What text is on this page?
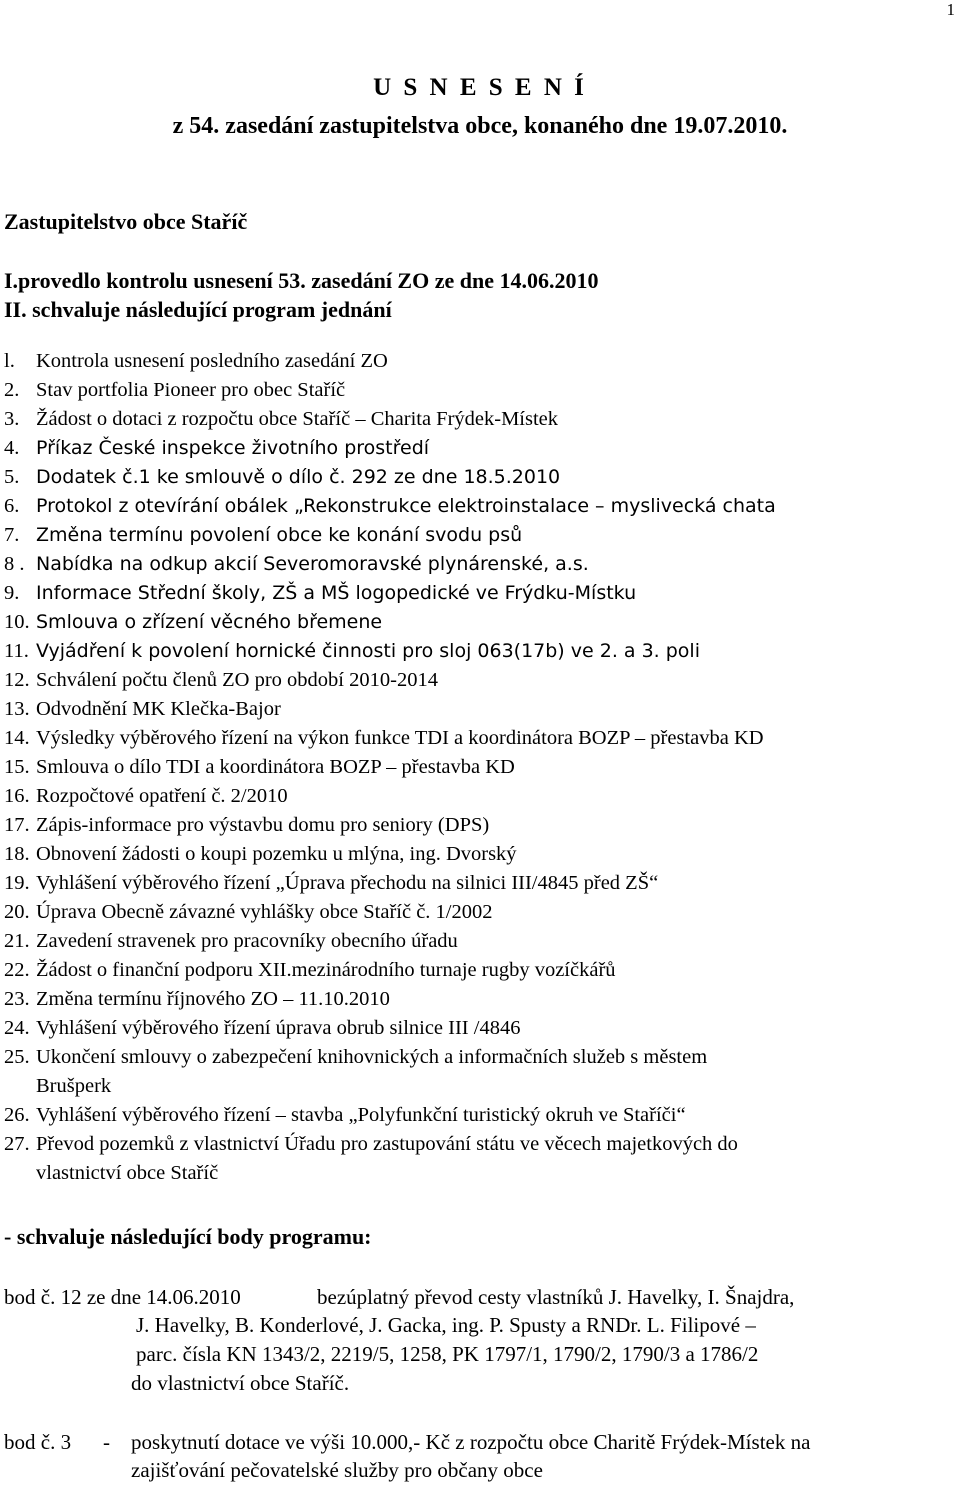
1
U S N E S E N Í
z 54. zasedání zastupitelstva obce, konaného dne 19.07.2010.
Zastupitelstvo obce Staříč
I.provedlo kontrolu usnesení 53. zasedání ZO ze dne 14.06.2010
II. schvaluje následující program jednání
l.	Kontrola usnesení posledního zasedání ZO
2. Stav portfolia Pioneer pro obec Staříč
3. Žádost o dotaci z rozpočtu obce Staříč – Charita Frýdek-Místek
4. Příkaz České inspekce životního prostředí
5. Dodatek č.1 ke smlouvě o dílo č. 292 ze dne 18.5.2010
6. Protokol z otevírání obálek „Rekonstrukce elektroinstalace – myslivecká chata
7. Změna termínu povolení obce ke konání svodu psů
8 . Nabídka na odkup akcií Severomoravské plynárenské, a.s.
9. Informace Střední školy, ZŠ a MŠ logopedické ve Frýdku-Místku
10. Smlouva o zřízení věcného břemene
11. Vyjádření k povolení hornické činnosti pro sloj 063(17b) ve 2. a 3. poli
12. Schválení počtu členů ZO pro období 2010-2014
13. Odvodnění MK Klečka-Bajor
14. Výsledky výběrového řízení na výkon funkce TDI a koordinátora BOZP – přestavba KD
15. Smlouva o dílo TDI a koordinátora BOZP – přestavba KD
16. Rozpočtové opatření č. 2/2010
17. Zápis-informace pro výstavbu domu pro seniory (DPS)
18. Obnovení žádosti o koupi pozemku u mlýna, ing. Dvorský
19. Vyhlášení výběrového řízení „Úprava přechodu na silnici III/4845 před ZŠ“
20. Úprava Obecně závazné vyhlášky obce Staříč č. 1/2002
21. Zavedení stravenek pro pracovníky obecního úřadu
22. Žádost o finanční podporu XII.mezinárodního turnaje rugby vozíčkářů
23. Změna termínu říjnového ZO – 11.10.2010
24. Vyhlášení výběrového řízení úprava obrub silnice III /4846
25. Ukončení smlouvy o zabezpečení knihovnických a informačních služeb s městem
Brušperk
26. Vyhlášení výběrového řízení – stavba „Polyfunkční turistický okruh ve Staříči“
27. Převod pozemků z vlastnictví Úřadu pro zastupování státu ve věcech majetkových do
vlastnictví obce Staříč
- schvaluje následující body programu:
bod č. 12 ze dne 14.06.2010	bezúplatný převod cesty vlastníků J. Havelky, I. Šnajdra,
J. Havelky, B. Konderlové, J. Gacka, ing. P. Spusty a RNDr. L. Filipové –
parc. čísla KN 1343/2, 2219/5, 1258, PK 1797/1, 1790/2, 1790/3 a 1786/2
do vlastnictví obce Staříč.
bod č. 3 - poskytnutí dotace ve výši 10.000,- Kč z rozpočtu obce Charitě Frýdek-Místek na
zajišťování pečovatelské služby pro občany obce
